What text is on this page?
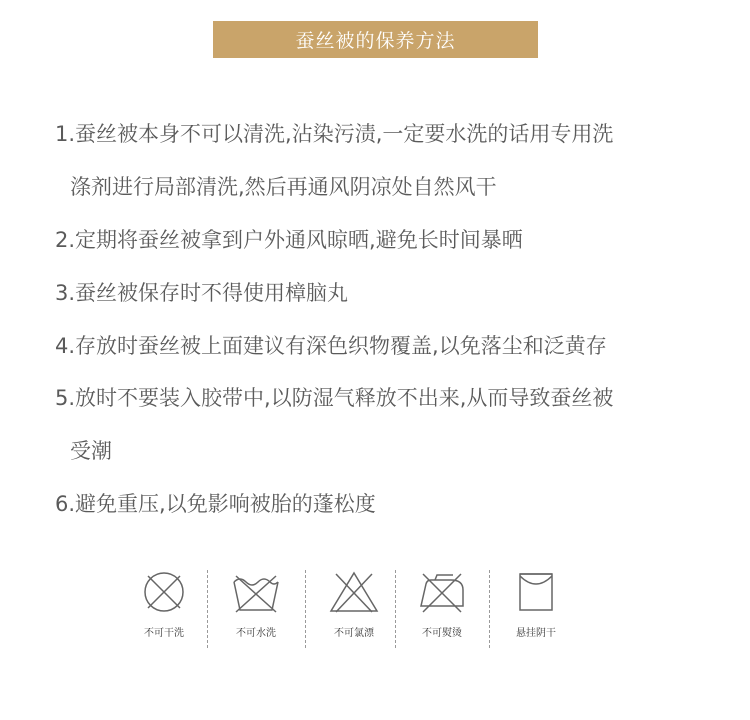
蚕丝被的保养方法
1.蚕丝被本身不可以清洗,沾染污渍,一定要水洗的话用专用洗
涤剂进行局部清洗,然后再通风阴凉处自然风干
2.定期将蚕丝被拿到户外通风晾晒,避免长时间暴晒
3.蚕丝被保存时不得使用樟脑丸
4.存放时蚕丝被上面建议有深色织物覆盖,以免落尘和泛黄存
5.放时不要装入胶带中,以防湿气释放不出来,从而导致蚕丝被
受潮
6.避免重压,以免影响被胎的蓬松度
不可干洗	不可水洗	不可氯漂	不可熨烫	悬挂阴干
